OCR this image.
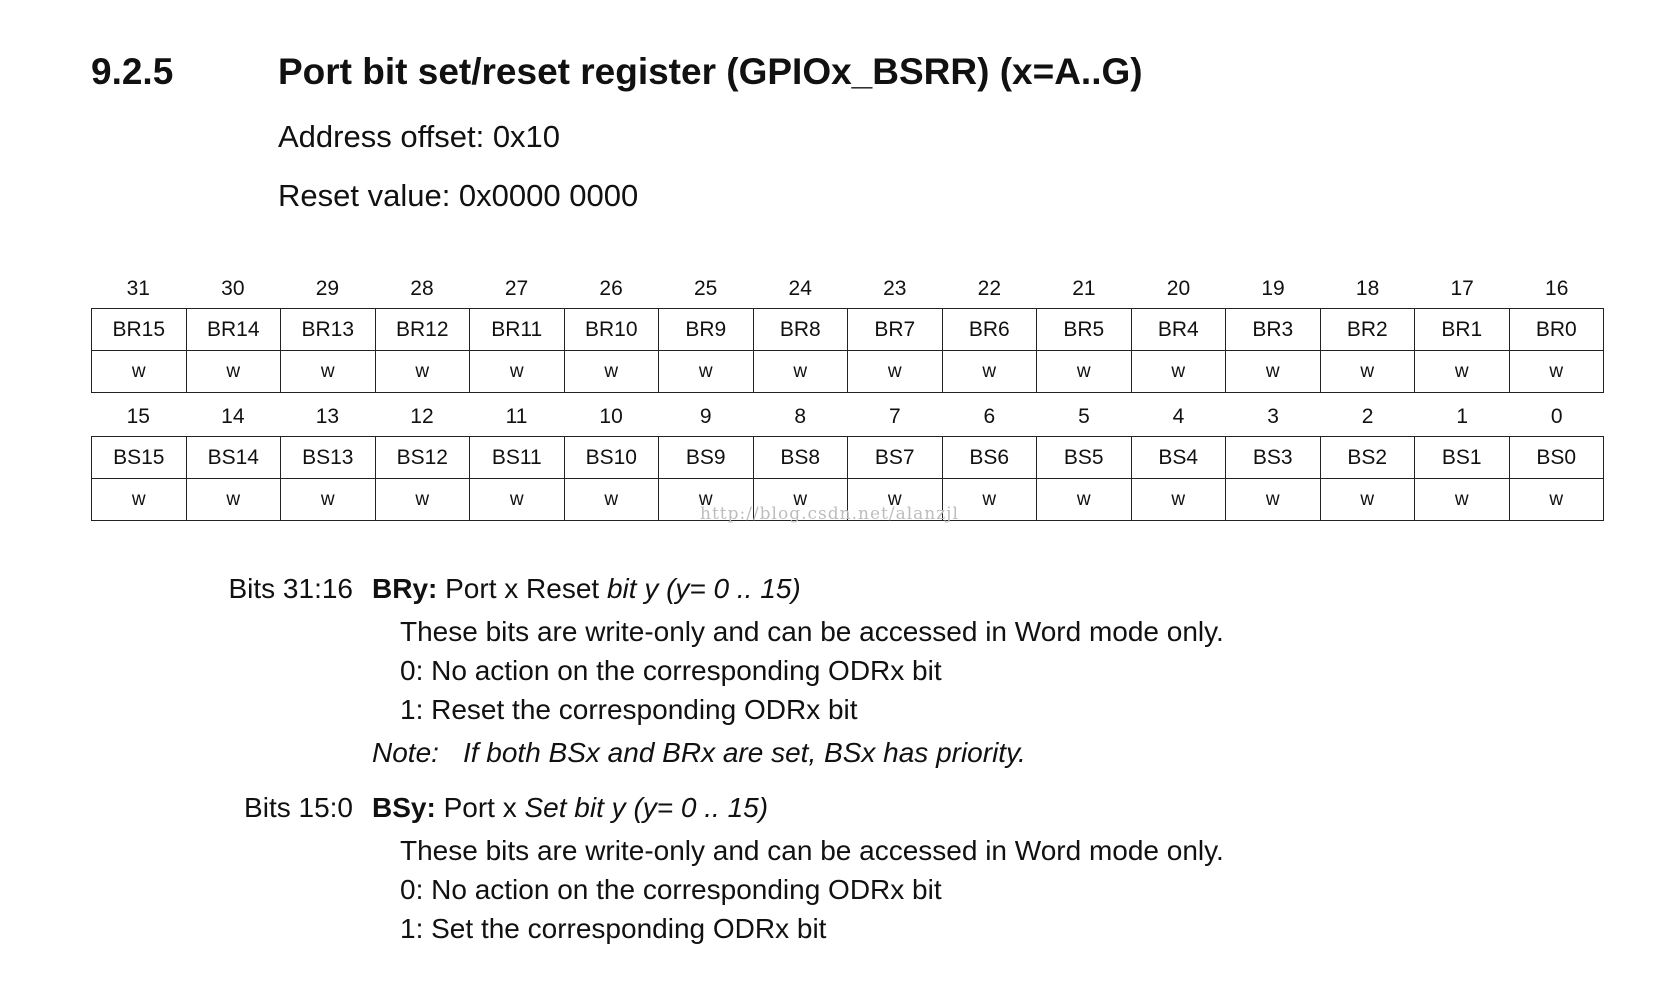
9.2.5	Port bit set/reset register (GPIOx_BSRR) (x=A..G)
Address offset: 0x10
Reset value: 0x0000 0000
31	30	29	28	27	26	25	24	23	22	21	20	19	18	17	16
BR15	BR14	BR13	BR12	BR11	BR10	BR9	BR8	BR7	BR6	BR5	BR4	BR3	BR2	BR1	BR0
w	w	w	w	w	w	w	w	w	w	w	w	w	w	w	w
15	14	13	12	11	10	9	8	7	6	5	4	3	2	1	0
BS15	BS14	BS13	BS12	BS11	BS10	BS9	BS8	BS7	BS6	BS5	BS4	BS3	BS2	BS1	BS0
w	w	w	w	w	w	w	w	w	w	w	w	w	w	w	w
http://blog.csdn.net/alanzjl
Bits 31:16 BRy: Port x Reset bit y (y= 0 .. 15)
These bits are write-only and can be accessed in Word mode only.
0: No action on the corresponding ODRx bit
1: Reset the corresponding ODRx bit
Note: If both BSx and BRx are set, BSx has priority.
Bits 15:0 BSy: Port x Set bit y (y= 0 .. 15)
These bits are write-only and can be accessed in Word mode only.
0: No action on the corresponding ODRx bit
1: Set the corresponding ODRx bit
